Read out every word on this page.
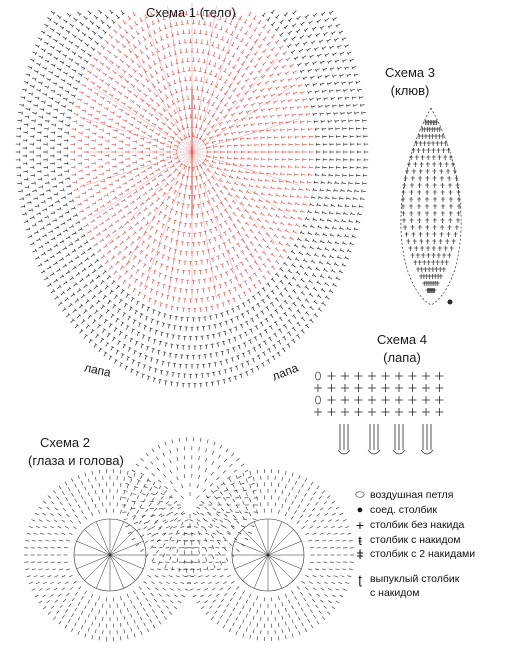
Схема 1 (тело)
лапа	лапа
Схема 3
(клюв)
Схема 4
(лапа)
Схема 2
(глаза и голова)
⬭ воздушная петля
● соед. столбик
+ столбик без накида
ŧ столбик с накидом
ǂ столбик с 2 накидами
ʈ выпуклый столбик
с накидом
